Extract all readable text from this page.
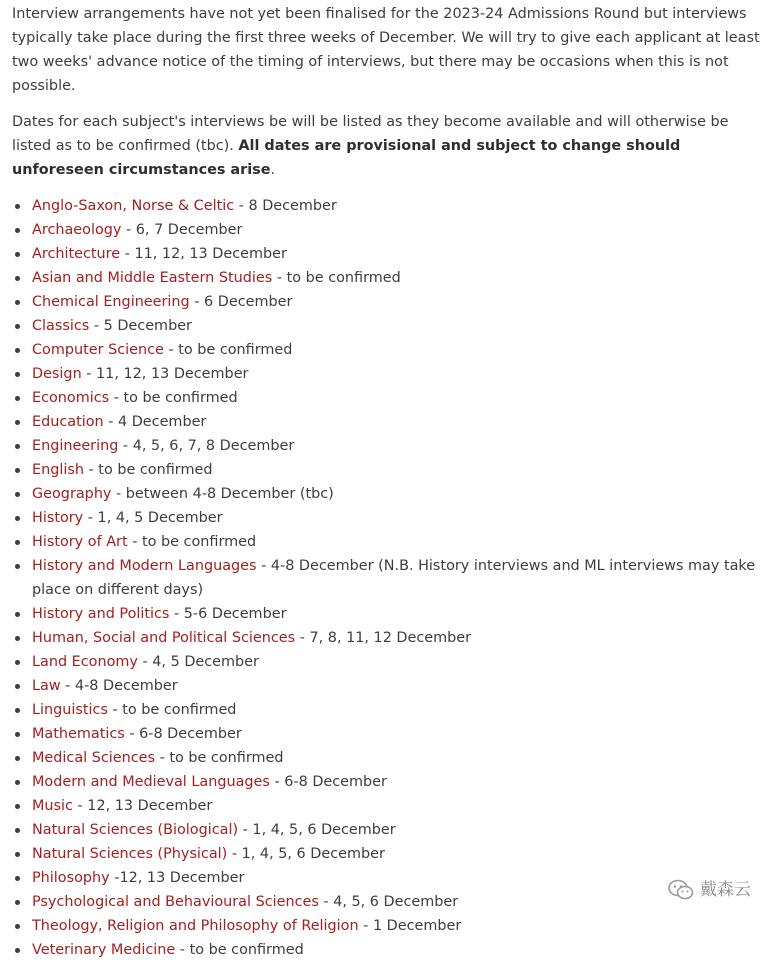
Interview arrangements have not yet been finalised for the 2023-24 Admissions Round but interviews typically take place during the first three weeks of December. We will try to give each applicant at least two weeks' advance notice of the timing of interviews, but there may be occasions when this is not possible.

Dates for each subject's interviews be will be listed as they become available and will otherwise be listed as to be confirmed (tbc). All dates are provisional and subject to change should unforeseen circumstances arise.

Anglo-Saxon, Norse & Celtic - 8 December
Archaeology - 6, 7 December
Architecture - 11, 12, 13 December
Asian and Middle Eastern Studies - to be confirmed
Chemical Engineering - 6 December
Classics - 5 December
Computer Science - to be confirmed
Design - 11, 12, 13 December
Economics - to be confirmed
Education - 4 December
Engineering - 4, 5, 6, 7, 8 December
English - to be confirmed
Geography - between 4-8 December (tbc)
History - 1, 4, 5 December
History of Art - to be confirmed
History and Modern Languages - 4-8 December (N.B. History interviews and ML interviews may take place on different days)
History and Politics - 5-6 December
Human, Social and Political Sciences - 7, 8, 11, 12 December
Land Economy - 4, 5 December
Law - 4-8 December
Linguistics - to be confirmed
Mathematics - 6-8 December
Medical Sciences - to be confirmed
Modern and Medieval Languages - 6-8 December
Music - 12, 13 December
Natural Sciences (Biological) - 1, 4, 5, 6 December
Natural Sciences (Physical) - 1, 4, 5, 6 December
Philosophy -12, 13 December
Psychological and Behavioural Sciences - 4, 5, 6 December
Theology, Religion and Philosophy of Religion - 1 December
Veterinary Medicine - to be confirmed
戴森云
